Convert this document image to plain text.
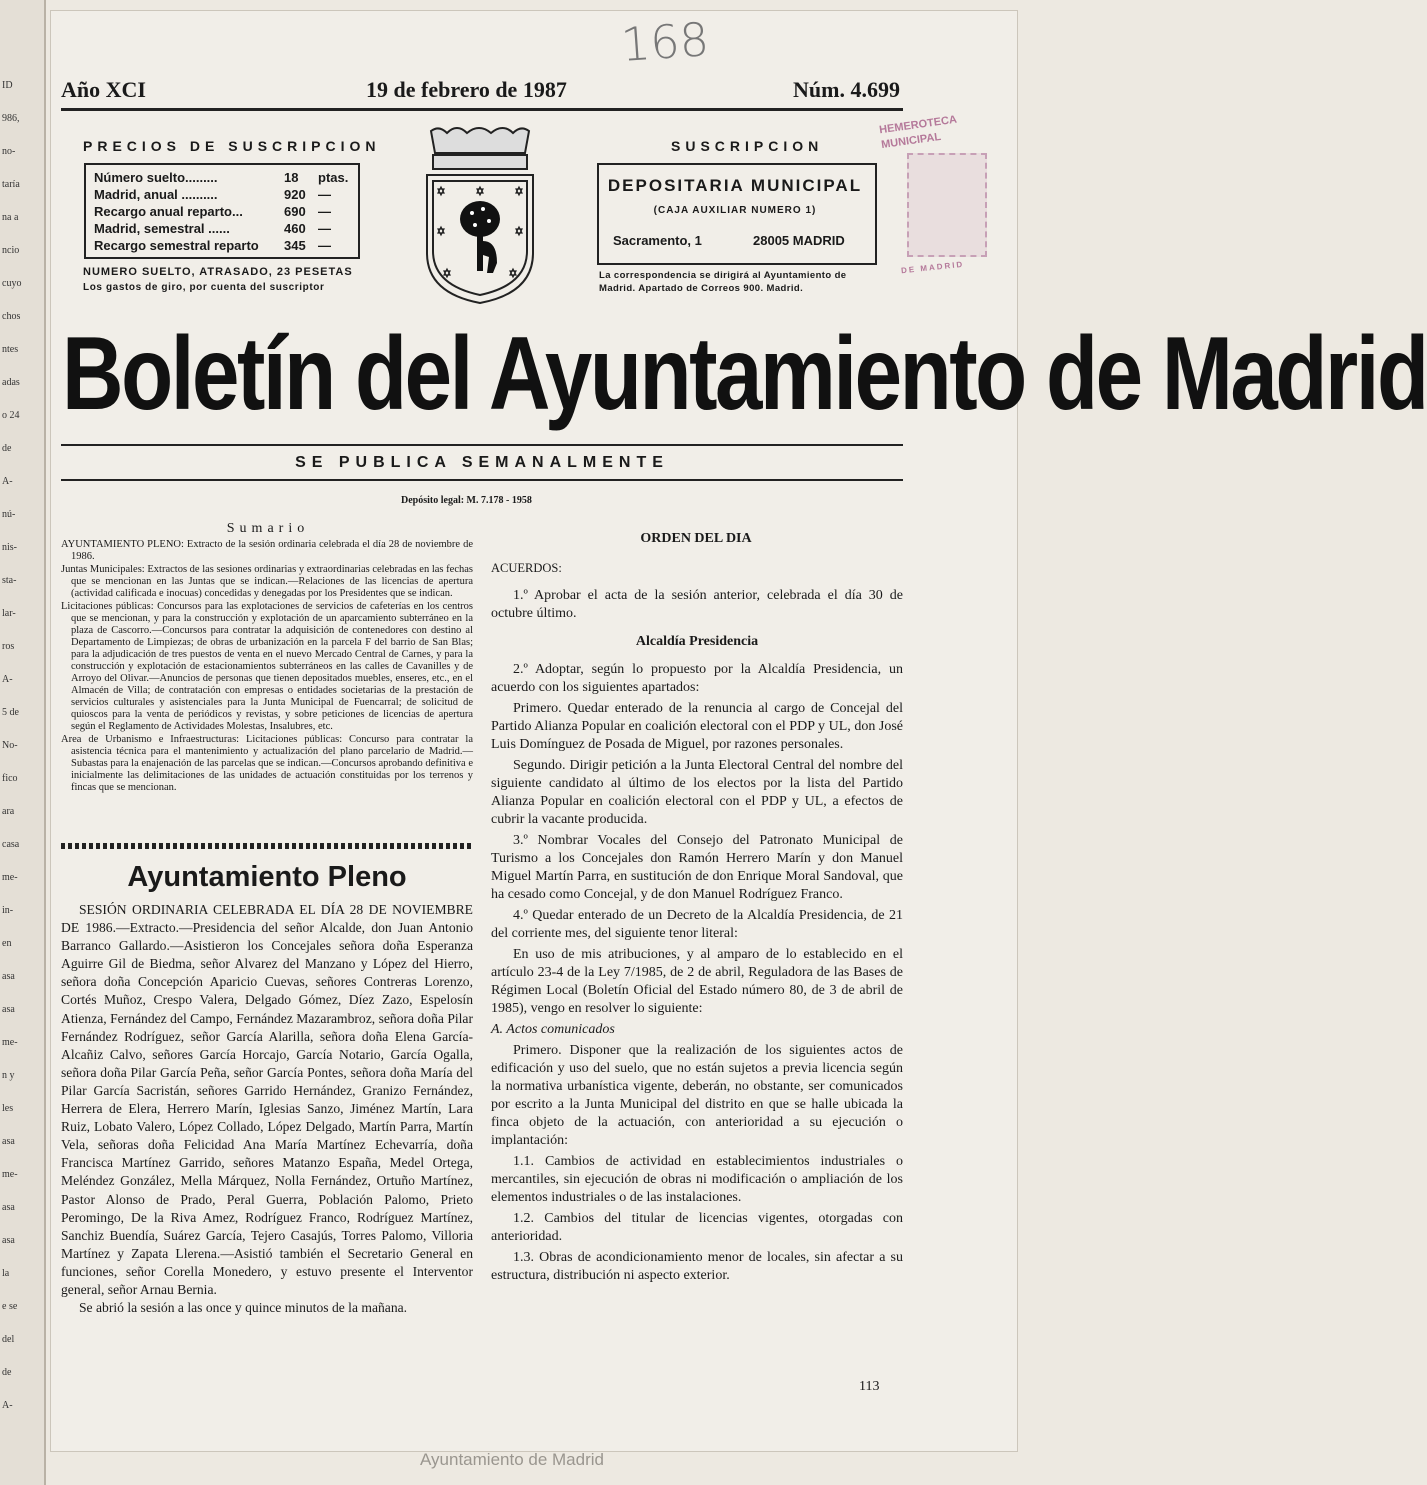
ID
986,
no-
taría
na a
ncio
cuyo
chos
ntes
adas
o 24
de
A-
nú-
nis-
sta-
lar-
ros
A-
5 de
No-
fico
ara
casa
me-
in-
en
asa
asa
me-
n y
les
asa
me-
asa
asa
la
e se
del
de
A-
Año XCI	19 de febrero de 1987	Núm. 4.699
168
PRECIOS DE SUSCRIPCION
Número suelto.........	18	ptas.
Madrid, anual ..........	920 —
Recargo anual reparto...	690 —
Madrid, semestral ......	460 —
Recargo semestral reparto	345 —
NUMERO SUELTO, ATRASADO, 23 PESETAS
Los gastos de giro, por cuenta del suscriptor
SUSCRIPCION
DEPOSITARIA MUNICIPAL
(CAJA AUXILIAR NUMERO 1)
Sacramento, 1	28005 MADRID
La correspondencia se dirigirá al Ayuntamiento de Madrid. Apartado de Correos 900. Madrid.
HEMEROTECA
MUNICIPAL
DE MADRID
Boletín del Ayuntamiento de Madrid
SE PUBLICA SEMANALMENTE
Depósito legal: M. 7.178 - 1958
Sumario

AYUNTAMIENTO PLENO: Extracto de la sesión ordinaria celebrada el día 28 de noviembre de 1986.

Juntas Municipales: Extractos de las sesiones ordinarias y extraordinarias celebradas en las fechas que se mencionan en las Juntas que se indican.—Relaciones de las licencias de apertura (actividad calificada e inocuas) concedidas y denegadas por los Presidentes que se indican.

Licitaciones públicas: Concursos para las explotaciones de servicios de cafeterías en los centros que se mencionan, y para la construcción y explotación de un aparcamiento subterráneo en la plaza de Cascorro.—Concursos para contratar la adquisición de contenedores con destino al Departamento de Limpiezas; de obras de urbanización en la parcela F del barrio de San Blas; para la adjudicación de tres puestos de venta en el nuevo Mercado Central de Carnes, y para la construcción y explotación de estacionamientos subterráneos en las calles de Cavanilles y de Arroyo del Olivar.—Anuncios de personas que tienen depositados muebles, enseres, etc., en el Almacén de Villa; de contratación con empresas o entidades societarias de la prestación de servicios culturales y asistenciales para la Junta Municipal de Fuencarral; de solicitud de quioscos para la venta de periódicos y revistas, y sobre peticiones de licencias de apertura según el Reglamento de Actividades Molestas, Insalubres, etc.

Area de Urbanismo e Infraestructuras: Licitaciones públicas: Concurso para contratar la asistencia técnica para el mantenimiento y actualización del plano parcelario de Madrid.—Subastas para la enajenación de las parcelas que se indican.—Concursos aprobando definitiva e inicialmente las delimitaciones de las unidades de actuación constituidas por los terrenos y fincas que se mencionan.

Ayuntamiento Pleno

SESIÓN ORDINARIA CELEBRADA EL DÍA 28 DE NOVIEMBRE DE 1986.—Extracto.—Presidencia del señor Alcalde, don Juan Antonio Barranco Gallardo.—Asistieron los Concejales señora doña Esperanza Aguirre Gil de Biedma, señor Alvarez del Manzano y López del Hierro, señora doña Concepción Aparicio Cuevas, señores Contreras Lorenzo, Cortés Muñoz, Crespo Valera, Delgado Gómez, Díez Zazo, Espelosín Atienza, Fernández del Campo, Fernández Mazarambroz, señora doña Pilar Fernández Rodríguez, señor García Alarilla, señora doña Elena García-Alcañiz Calvo, señores García Horcajo, García Notario, García Ogalla, señora doña Pilar García Peña, señor García Pontes, señora doña María del Pilar García Sacristán, señores Garrido Hernández, Granizo Fernández, Herrera de Elera, Herrero Marín, Iglesias Sanzo, Jiménez Martín, Lara Ruiz, Lobato Valero, López Collado, López Delgado, Martín Parra, Martín Vela, señoras doña Felicidad Ana María Martínez Echevarría, doña Francisca Martínez Garrido, señores Matanzo España, Medel Ortega, Meléndez González, Mella Márquez, Nolla Fernández, Ortuño Martínez, Pastor Alonso de Prado, Peral Guerra, Población Palomo, Prieto Peromingo, De la Riva Amez, Rodríguez Franco, Rodríguez Martínez, Sanchiz Buendía, Suárez García, Tejero Casajús, Torres Palomo, Villoria Martínez y Zapata Llerena.—Asistió también el Secretario General en funciones, señor Corella Monedero, y estuvo presente el Interventor general, señor Arnau Bernia.

Se abrió la sesión a las once y quince minutos de la mañana.

ORDEN DEL DIA
ACUERDOS:

1.º Aprobar el acta de la sesión anterior, celebrada el día 30 de octubre último.

Alcaldía Presidencia

2.º Adoptar, según lo propuesto por la Alcaldía Presidencia, un acuerdo con los siguientes apartados:

Primero. Quedar enterado de la renuncia al cargo de Concejal del Partido Alianza Popular en coalición electoral con el PDP y UL, don José Luis Domínguez de Posada de Miguel, por razones personales.

Segundo. Dirigir petición a la Junta Electoral Central del nombre del siguiente candidato al último de los electos por la lista del Partido Alianza Popular en coalición electoral con el PDP y UL, a efectos de cubrir la vacante producida.

3.º Nombrar Vocales del Consejo del Patronato Municipal de Turismo a los Concejales don Ramón Herrero Marín y don Manuel Miguel Martín Parra, en sustitución de don Enrique Moral Sandoval, que ha cesado como Concejal, y de don Manuel Rodríguez Franco.

4.º Quedar enterado de un Decreto de la Alcaldía Presidencia, de 21 del corriente mes, del siguiente tenor literal:

En uso de mis atribuciones, y al amparo de lo establecido en el artículo 23-4 de la Ley 7/1985, de 2 de abril, Reguladora de las Bases de Régimen Local (Boletín Oficial del Estado número 80, de 3 de abril de 1985), vengo en resolver lo siguiente:

A. Actos comunicados

Primero. Disponer que la realización de los siguientes actos de edificación y uso del suelo, que no están sujetos a previa licencia según la normativa urbanística vigente, deberán, no obstante, ser comunicados por escrito a la Junta Municipal del distrito en que se halle ubicada la finca objeto de la actuación, con anterioridad a su ejecución o implantación:

1.1. Cambios de actividad en establecimientos industriales o mercantiles, sin ejecución de obras ni modificación o ampliación de los elementos industriales o de las instalaciones.

1.2. Cambios del titular de licencias vigentes, otorgadas con anterioridad.

1.3. Obras de acondicionamiento menor de locales, sin afectar a su estructura, distribución ni aspecto exterior.

113
Ayuntamiento de Madrid
